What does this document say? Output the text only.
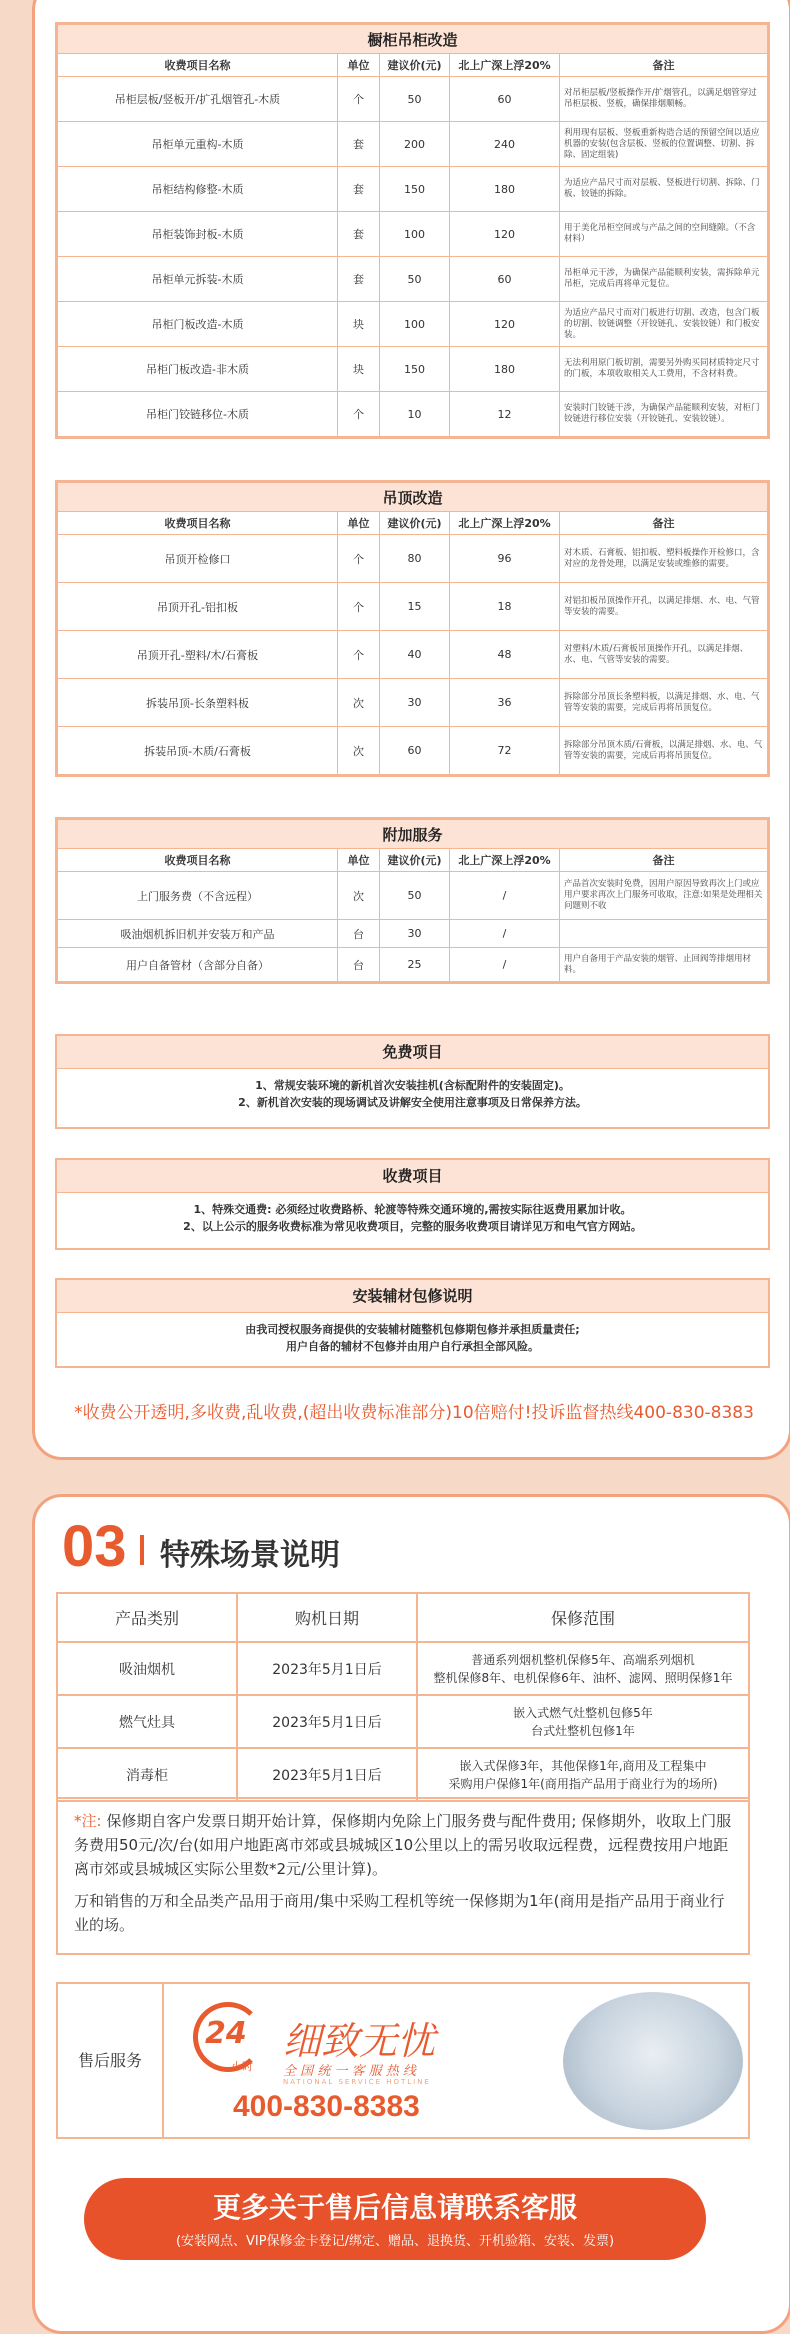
橱柜吊柜改造				
收费项目名称	单位	建议价(元)	北上广深上浮20%	备注
吊柜层板/竖板开/扩孔烟管孔-木质	个	50	60	对吊柜层板/竖板操作开/扩烟管孔，以满足烟管穿过吊柜层板、竖板，确保排烟顺畅。
吊柜单元重构-木质	套	200	240	利用现有层板、竖板重新构造合适的预留空间以适应机器的安装(包含层板、竖板的位置调整、切割、拆除、固定组装)
吊柜结构修整-木质	套	150	180	为适应产品尺寸而对层板、竖板进行切割、拆除、门板、铰链的拆除。
吊柜装饰封板-木质	套	100	120	用于美化吊柜空间或与产品之间的空间缝隙。（不含材料）
吊柜单元拆装-木质	套	50	60	吊柜单元干涉，为确保产品能顺利安装，需拆除单元吊柜，完成后再将单元复位。
吊柜门板改造-木质	块	100	120	为适应产品尺寸而对门板进行切割、改造，包含门板的切割、铰链调整（开铰链孔、安装铰链）和门板安装。
吊柜门板改造-非木质	块	150	180	无法利用原门板切割，需要另外购买同材质特定尺寸的门板，本项收取相关人工费用，不含材料费。
吊柜门铰链移位-木质	个	10	12	安装时门铰链干涉，为确保产品能顺利安装，对柜门铰链进行移位安装（开铰链孔、安装铰链）。
吊顶改造				
收费项目名称	单位	建议价(元)	北上广深上浮20%	备注
吊顶开检修口	个	80	96	对木质、石膏板、铝扣板、塑料板操作开检修口，含对应的龙骨处理，以满足安装或维修的需要。
吊顶开孔-铝扣板	个	15	18	对铝扣板吊顶操作开孔，以满足排烟、水、电、气管等安装的需要。
吊顶开孔-塑料/木/石膏板	个	40	48	对塑料/木质/石膏板吊顶操作开孔，以满足排烟、水、电、气管等安装的需要。
拆装吊顶-长条塑料板	次	30	36	拆除部分吊顶长条塑料板，以满足排烟、水、电、气管等安装的需要，完成后再将吊顶复位。
拆装吊顶-木质/石膏板	次	60	72	拆除部分吊顶木质/石膏板，以满足排烟、水、电、气管等安装的需要，完成后再将吊顶复位。
附加服务				
收费项目名称	单位	建议价(元)	北上广深上浮20%	备注
上门服务费（不含远程）	次	50	/	产品首次安装时免费，因用户原因导致再次上门或应用户要求再次上门服务可收取，注意:如果是处理相关问题则不收
吸油烟机拆旧机并安装万和产品	台	30	/	
用户自备管材（含部分自备）	台	25	/	用户自备用于产品安装的烟管、止回阀等排烟用材料。
免费项目
1、常规安装环境的新机首次安装挂机(含标配附件的安装固定)。
2、新机首次安装的现场调试及讲解安全使用注意事项及日常保养方法。
收费项目
1、特殊交通费: 必须经过收费路桥、轮渡等特殊交通环境的,需按实际往返费用累加计收。
2、以上公示的服务收费标准为常见收费项目，完整的服务收费项目请详见万和电气官方网站。
安装辅材包修说明
由我司授权服务商提供的安装辅材随整机包修期包修并承担质量责任;
用户自备的辅材不包修并由用户自行承担全部风险。
*收费公开透明,多收费,乱收费,(超出收费标准部分)10倍赔付!投诉监督热线400-830-8383
03 特殊场景说明
产品类别	购机日期	保修范围
吸油烟机	2023年5月1日后	普通系列烟机整机保修5年、高端系列烟机
整机保修8年、电机保修6年、油杯、滤网、照明保修1年

燃气灶具	2023年5月1日后	嵌入式燃气灶整机包修5年
台式灶整机包修1年

消毒柜	2023年5月1日后	嵌入式保修3年，其他保修1年,商用及工程集中
采购用户保修1年(商用指产品用于商业行为的场所)
*注: 保修期自客户发票日期开始计算，保修期内免除上门服务费与配件费用; 保修期外，收取上门服务费用50元/次/台(如用户地距离市郊或县城城区10公里以上的需另收取远程费，远程费按用户地距离市郊或县城城区实际公里数*2元/公里计算)。
万和销售的万和全品类产品用于商用/集中采购工程机等统一保修期为1年(商用是指产品用于商业行业的场。
售后服务
24
小时
细致无忧
全 国 统 一 客 服 热 线
NATIONAL SERVICE HOTLINE
400-830-8383
更多关于售后信息请联系客服
(安装网点、VIP保修金卡登记/绑定、赠品、退换货、开机验箱、安装、发票)
